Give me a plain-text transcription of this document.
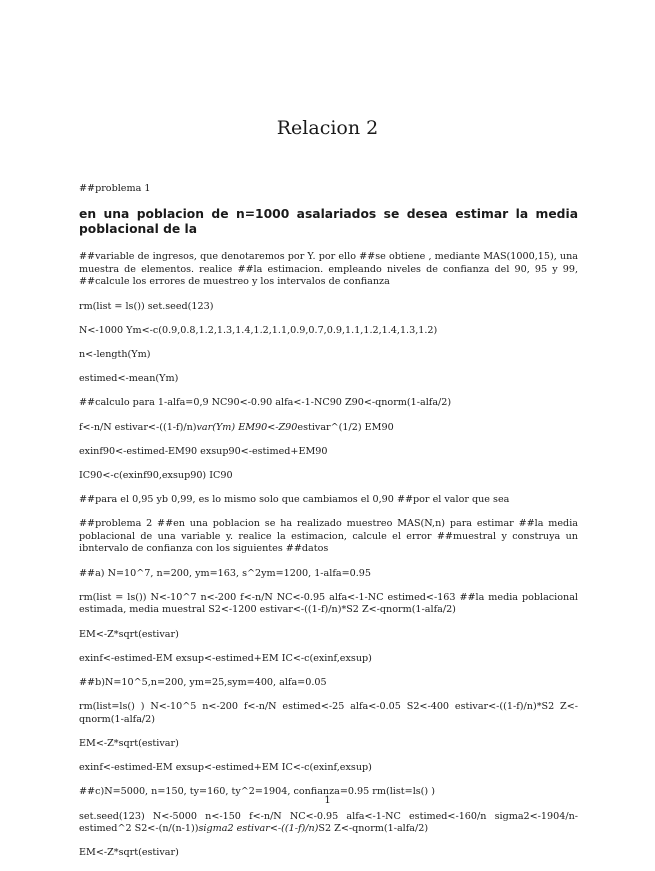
Relacion 2

##problema 1

en una poblacion de n=1000 asalariados se desea estimar la media poblacional de la

##variable de ingresos, que denotaremos por Y. por ello ##se obtiene , mediante MAS(1000,15), una muestra de elementos. realice ##la estimacion. empleando niveles de confianza del 90, 95 y 99, ##calcule los errores de muestreo y los intervalos de confianza

rm(list = ls()) set.seed(123)

N<-1000 Ym<-c(0.9,0.8,1.2,1.3,1.4,1.2,1.1,0.9,0.7,0.9,1.1,1.2,1.4,1.3,1.2)

n<-length(Ym)

estimed<-mean(Ym)

##calculo para 1-alfa=0,9 NC90<-0.90 alfa<-1-NC90 Z90<-qnorm(1-alfa/2)

f<-n/N estivar<-((1-f)/n)var(Ym) EM90<-Z90estivar^(1/2) EM90

exinf90<-estimed-EM90 exsup90<-estimed+EM90

IC90<-c(exinf90,exsup90) IC90

##para el 0,95 yb 0,99, es lo mismo solo que cambiamos el 0,90 ##por el valor que sea

##problema 2 ##en una poblacion se ha realizado muestreo MAS(N,n) para estimar ##la media poblacional de una variable y. realice la estimacion, calcule el error ##muestral y construya un ibntervalo de confianza con los siguientes ##datos

##a) N=10^7, n=200, ym=163, s^2ym=1200, 1-alfa=0.95

rm(list = ls()) N<-10^7 n<-200 f<-n/N NC<-0.95 alfa<-1-NC estimed<-163 ##la media poblacional estimada, media muestral S2<-1200 estivar<-((1-f)/n)*S2 Z<-qnorm(1-alfa/2)

EM<-Z*sqrt(estivar)

exinf<-estimed-EM exsup<-estimed+EM IC<-c(exinf,exsup)

##b)N=10^5,n=200, ym=25,sym=400, alfa=0.05

rm(list=ls() ) N<-10^5 n<-200 f<-n/N estimed<-25 alfa<-0.05 S2<-400 estivar<-((1-f)/n)*S2 Z<-qnorm(1-alfa/2)

EM<-Z*sqrt(estivar)

exinf<-estimed-EM exsup<-estimed+EM IC<-c(exinf,exsup)

##c)N=5000, n=150, ty=160, ty^2=1904, confianza=0.95 rm(list=ls() )

set.seed(123) N<-5000 n<-150 f<-n/N NC<-0.95 alfa<-1-NC estimed<-160/n sigma2<-1904/n-estimed^2 S2<-(n/(n-1))sigma2 estivar<-((1-f)/n)S2 Z<-qnorm(1-alfa/2)

EM<-Z*sqrt(estivar)

1
